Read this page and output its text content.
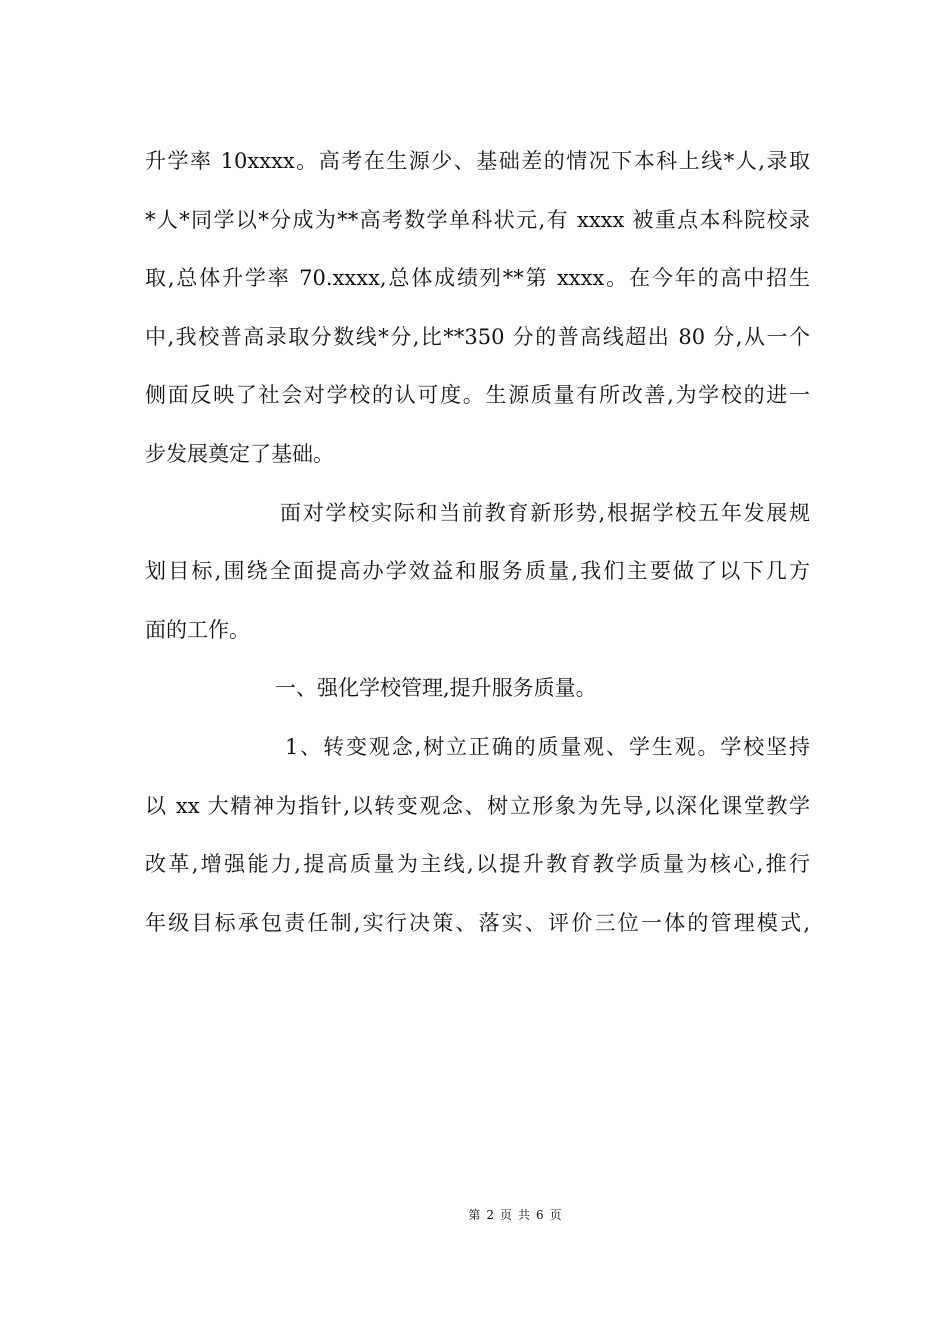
升学率 10xxxx。高考在生源少、基础差的情况下本科上线*人,录取
*人*同学以*分成为**高考数学单科状元,有 xxxx 被重点本科院校录
取,总体升学率 70.xxxx,总体成绩列**第 xxxx。在今年的高中招生
中,我校普高录取分数线*分,比**350 分的普高线超出 80 分,从一个
侧面反映了社会对学校的认可度。生源质量有所改善,为学校的进一
步发展奠定了基础。
面对学校实际和当前教育新形势,根据学校五年发展规
划目标,围绕全面提高办学效益和服务质量,我们主要做了以下几方
面的工作。
一、强化学校管理,提升服务质量。
1、转变观念,树立正确的质量观、学生观。学校坚持
以 xx 大精神为指针,以转变观念、树立形象为先导,以深化课堂教学
改革,增强能力,提高质量为主线,以提升教育教学质量为核心,推行
年级目标承包责任制,实行决策、落实、评价三位一体的管理模式,
第 2 页 共 6 页
